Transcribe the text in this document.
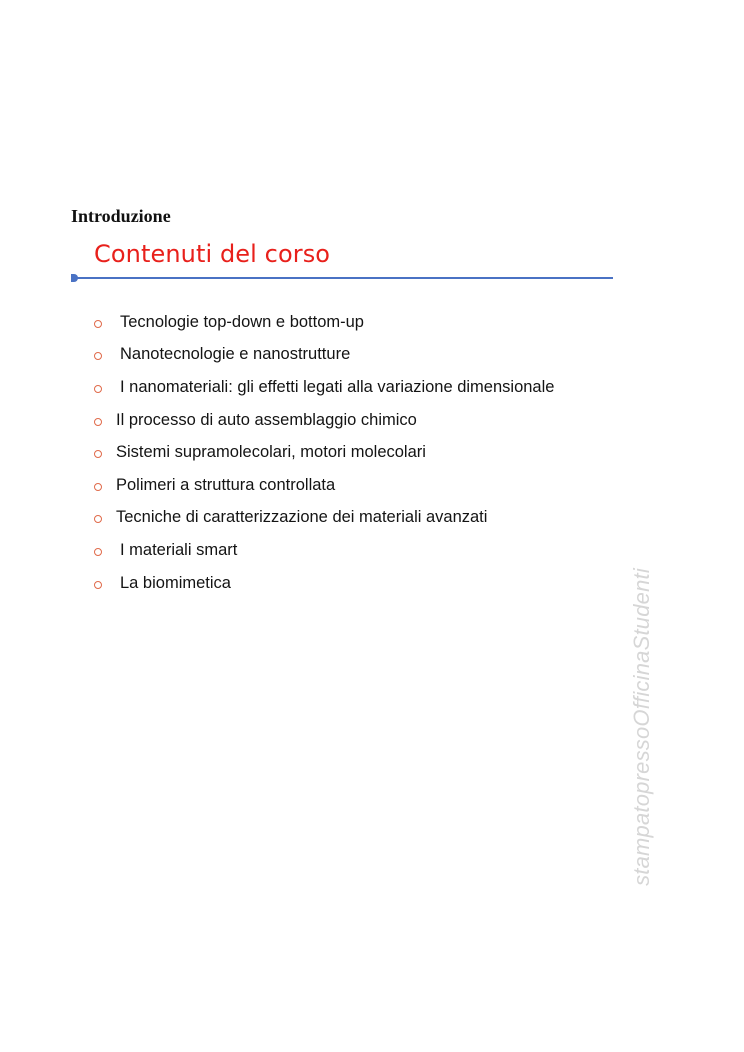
Introduzione
Contenuti del corso
Tecnologie top-down e bottom-up
Nanotecnologie e nanostrutture
I nanomateriali: gli effetti legati alla variazione dimensionale
Il processo di auto assemblaggio chimico
Sistemi supramolecolari, motori molecolari
Polimeri a struttura controllata
Tecniche di caratterizzazione dei materiali avanzati
I materiali smart
La biomimetica	stampatopressoOfficinaStudenti
